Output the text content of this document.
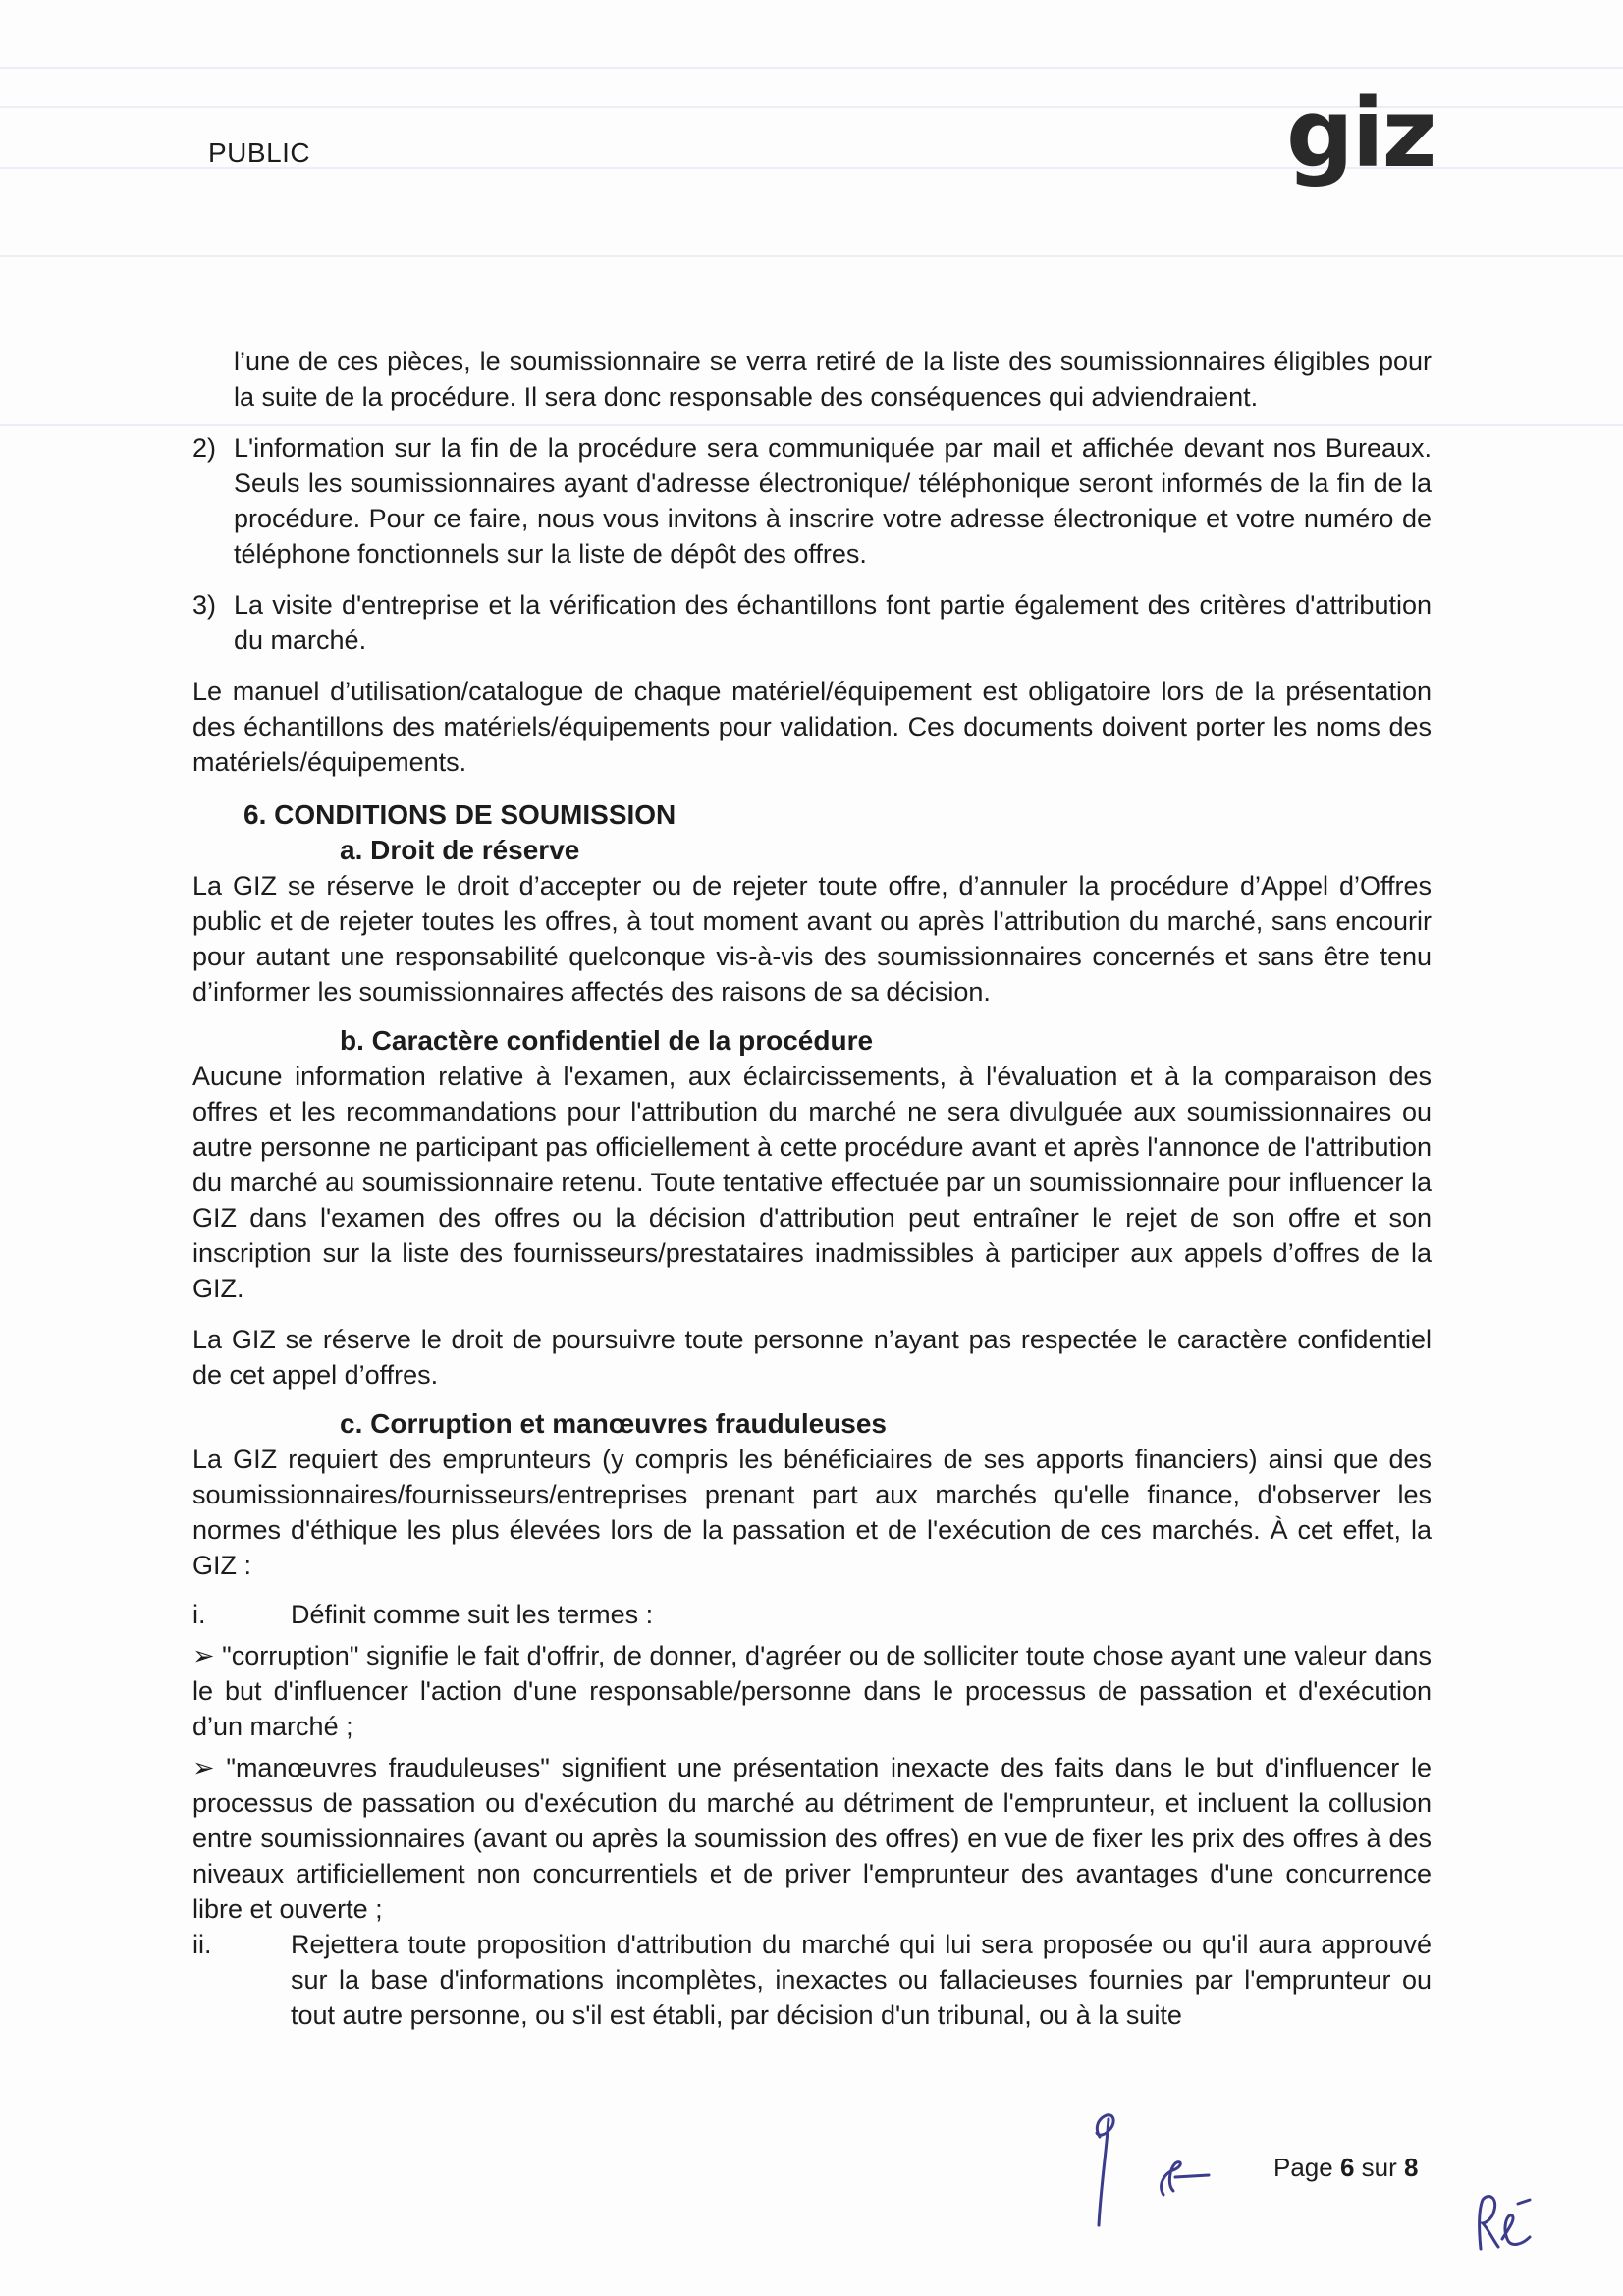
PUBLIC	giz

l’une de ces pièces, le soumissionnaire se verra retiré de la liste des soumissionnaires éligibles pour la suite de la procédure. Il sera donc responsable des conséquences qui adviendraient.

2) L'information sur la fin de la procédure sera communiquée par mail et affichée devant nos Bureaux. Seuls les soumissionnaires ayant d'adresse électronique/ téléphonique seront informés de la fin de la procédure. Pour ce faire, nous vous invitons à inscrire votre adresse électronique et votre numéro de téléphone fonctionnels sur la liste de dépôt des offres.

3) La visite d'entreprise et la vérification des échantillons font partie également des critères d'attribution du marché.

Le manuel d’utilisation/catalogue de chaque matériel/équipement est obligatoire lors de la présentation des échantillons des matériels/équipements pour validation. Ces documents doivent porter les noms des matériels/équipements.

6. CONDITIONS DE SOUMISSION
a. Droit de réserve

La GIZ se réserve le droit d’accepter ou de rejeter toute offre, d’annuler la procédure d’Appel d’Offres public et de rejeter toutes les offres, à tout moment avant ou après l’attribution du marché, sans encourir pour autant une responsabilité quelconque vis-à-vis des soumissionnaires concernés et sans être tenu d’informer les soumissionnaires affectés des raisons de sa décision.

b. Caractère confidentiel de la procédure

Aucune information relative à l'examen, aux éclaircissements, à l'évaluation et à la comparaison des offres et les recommandations pour l'attribution du marché ne sera divulguée aux soumissionnaires ou autre personne ne participant pas officiellement à cette procédure avant et après l'annonce de l'attribution du marché au soumissionnaire retenu. Toute tentative effectuée par un soumissionnaire pour influencer la GIZ dans l'examen des offres ou la décision d'attribution peut entraîner le rejet de son offre et son inscription sur la liste des fournisseurs/prestataires inadmissibles à participer aux appels d’offres de la GIZ.

La GIZ se réserve le droit de poursuivre toute personne n’ayant pas respectée le caractère confidentiel de cet appel d’offres.

c. Corruption et manœuvres frauduleuses

La GIZ requiert des emprunteurs (y compris les bénéficiaires de ses apports financiers) ainsi que des soumissionnaires/fournisseurs/entreprises prenant part aux marchés qu'elle finance, d'observer les normes d'éthique les plus élevées lors de la passation et de l'exécution de ces marchés. À cet effet, la GIZ :

i.	Définit comme suit les termes :

➢ "corruption" signifie le fait d'offrir, de donner, d'agréer ou de solliciter toute chose ayant une valeur dans le but d'influencer l'action d'une responsable/personne dans le processus de passation et d'exécution d’un marché ;

➢ "manœuvres frauduleuses" signifient une présentation inexacte des faits dans le but d'influencer le processus de passation ou d'exécution du marché au détriment de l'emprunteur, et incluent la collusion entre soumissionnaires (avant ou après la soumission des offres) en vue de fixer les prix des offres à des niveaux artificiellement non concurrentiels et de priver l'emprunteur des avantages d'une concurrence libre et ouverte ;

ii.	Rejettera toute proposition d'attribution du marché qui lui sera proposée ou qu'il aura approuvé sur la base d'informations incomplètes, inexactes ou fallacieuses fournies par l'emprunteur ou tout autre personne, ou s'il est établi, par décision d'un tribunal, ou à la suite
Page 6 sur 8
